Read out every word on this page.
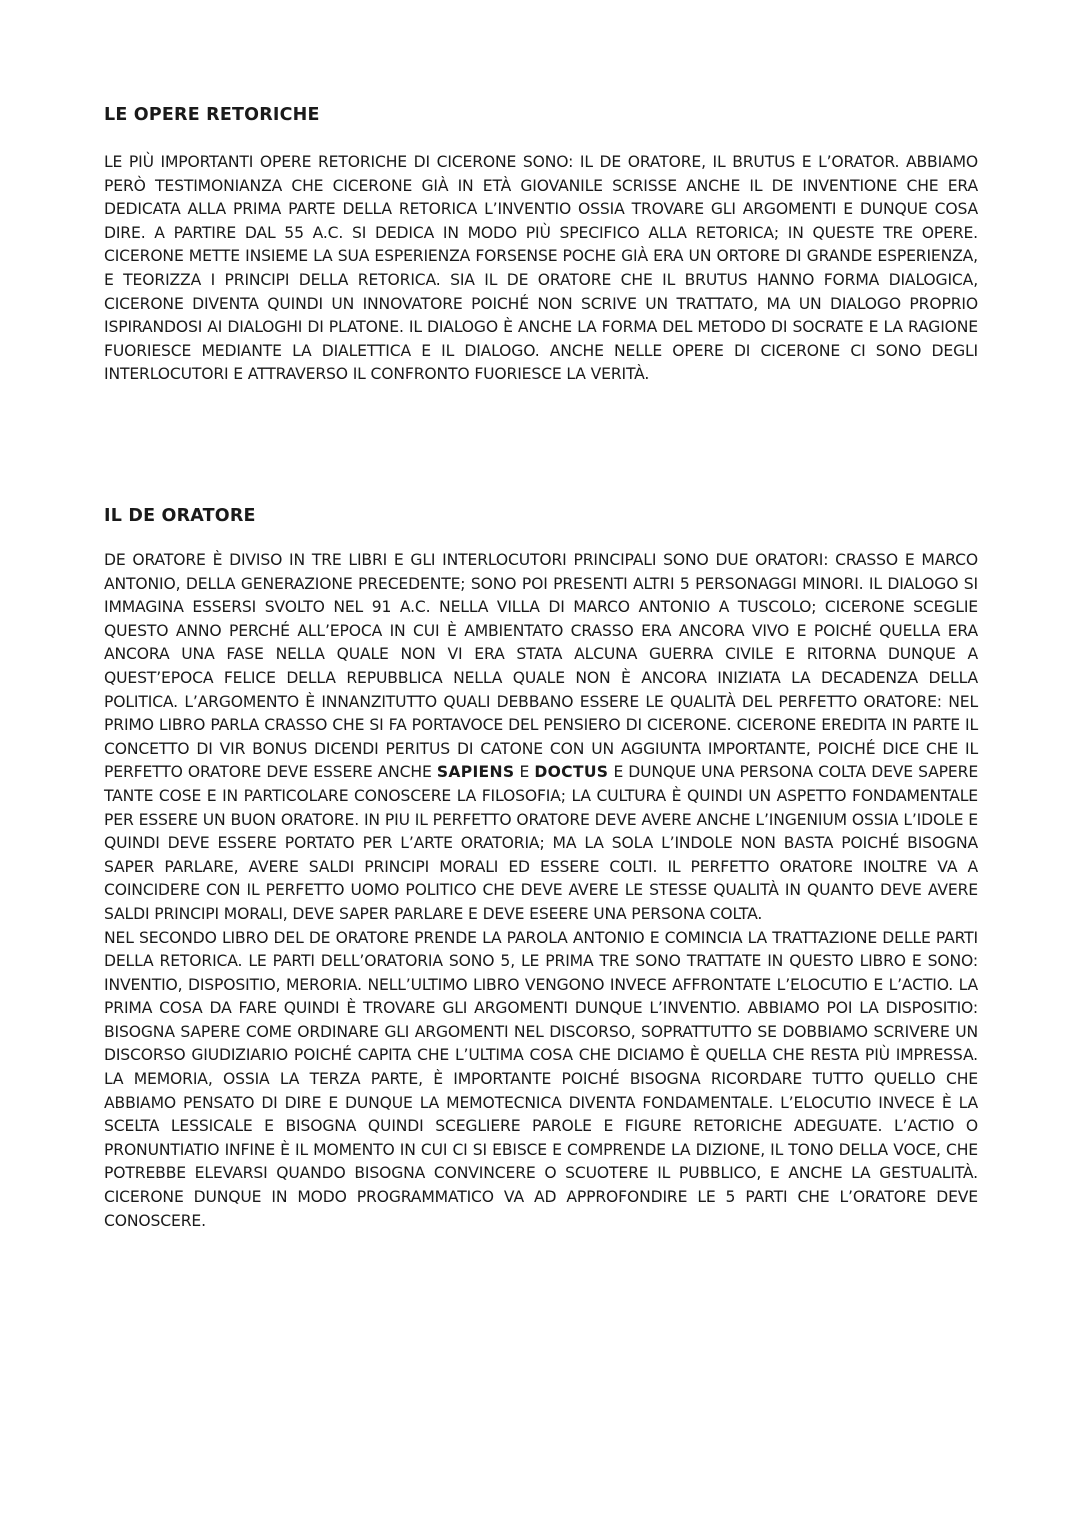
LE OPERE RETORICHE

LE PIÙ IMPORTANTI OPERE RETORICHE DI CICERONE SONO: IL DE ORATORE, IL BRUTUS E L’ORATOR. ABBIAMO PERÒ TESTIMONIANZA CHE CICERONE GIÀ IN ETÀ GIOVANILE SCRISSE ANCHE IL DE INVENTIONE CHE ERA DEDICATA ALLA PRIMA PARTE DELLA RETORICA L’INVENTIO OSSIA TROVARE GLI ARGOMENTI E DUNQUE COSA DIRE. A PARTIRE DAL 55 A.C. SI DEDICA IN MODO PIÙ SPECIFICO ALLA RETORICA; IN QUESTE TRE OPERE. CICERONE METTE INSIEME LA SUA ESPERIENZA FORSENSE POCHE GIÀ ERA UN ORTORE DI GRANDE ESPERIENZA, E TEORIZZA I PRINCIPI DELLA RETORICA. SIA IL DE ORATORE CHE IL BRUTUS HANNO FORMA DIALOGICA, CICERONE DIVENTA QUINDI UN INNOVATORE POICHÉ NON SCRIVE UN TRATTATO, MA UN DIALOGO PROPRIO ISPIRANDOSI AI DIALOGHI DI PLATONE. IL DIALOGO È ANCHE LA FORMA DEL METODO DI SOCRATE E LA RAGIONE FUORIESCE MEDIANTE LA DIALETTICA E IL DIALOGO. ANCHE NELLE OPERE DI CICERONE CI SONO DEGLI INTERLOCUTORI E ATTRAVERSO IL CONFRONTO FUORIESCE LA VERITÀ.

IL DE ORATORE

DE ORATORE È DIVISO IN TRE LIBRI E GLI INTERLOCUTORI PRINCIPALI SONO DUE ORATORI: CRASSO E MARCO ANTONIO, DELLA GENERAZIONE PRECEDENTE; SONO POI PRESENTI ALTRI 5 PERSONAGGI MINORI. IL DIALOGO SI IMMAGINA ESSERSI SVOLTO NEL 91 A.C. NELLA VILLA DI MARCO ANTONIO A TUSCOLO; CICERONE SCEGLIE QUESTO ANNO PERCHÉ ALL’EPOCA IN CUI È AMBIENTATO CRASSO ERA ANCORA VIVO E POICHÉ QUELLA ERA ANCORA UNA FASE NELLA QUALE NON VI ERA STATA ALCUNA GUERRA CIVILE E RITORNA DUNQUE A QUEST’EPOCA FELICE DELLA REPUBBLICA NELLA QUALE NON È ANCORA INIZIATA LA DECADENZA DELLA POLITICA. L’ARGOMENTO È INNANZITUTTO QUALI DEBBANO ESSERE LE QUALITÀ DEL PERFETTO ORATORE: NEL PRIMO LIBRO PARLA CRASSO CHE SI FA PORTAVOCE DEL PENSIERO DI CICERONE. CICERONE EREDITA IN PARTE IL CONCETTO DI VIR BONUS DICENDI PERITUS DI CATONE CON UN AGGIUNTA IMPORTANTE, POICHÉ DICE CHE IL PERFETTO ORATORE DEVE ESSERE ANCHE SAPIENS E DOCTUS E DUNQUE UNA PERSONA COLTA DEVE SAPERE TANTE COSE E IN PARTICOLARE CONOSCERE LA FILOSOFIA; LA CULTURA È QUINDI UN ASPETTO FONDAMENTALE PER ESSERE UN BUON ORATORE. IN PIU IL PERFETTO ORATORE DEVE AVERE ANCHE L’INGENIUM OSSIA L’IDOLE E QUINDI DEVE ESSERE PORTATO PER L’ARTE ORATORIA; MA LA SOLA L’INDOLE NON BASTA POICHÉ BISOGNA SAPER PARLARE, AVERE SALDI PRINCIPI MORALI ED ESSERE COLTI. IL PERFETTO ORATORE INOLTRE VA A COINCIDERE CON IL PERFETTO UOMO POLITICO CHE DEVE AVERE LE STESSE QUALITÀ IN QUANTO DEVE AVERE SALDI PRINCIPI MORALI, DEVE SAPER PARLARE E DEVE ESEERE UNA PERSONA COLTA.

NEL SECONDO LIBRO DEL DE ORATORE PRENDE LA PAROLA ANTONIO E COMINCIA LA TRATTAZIONE DELLE PARTI DELLA RETORICA. LE PARTI DELL’ORATORIA SONO 5, LE PRIMA TRE SONO TRATTATE IN QUESTO LIBRO E SONO: INVENTIO, DISPOSITIO, MERORIA. NELL’ULTIMO LIBRO VENGONO INVECE AFFRONTATE L’ELOCUTIO E L’ACTIO. LA PRIMA COSA DA FARE QUINDI È TROVARE GLI ARGOMENTI DUNQUE L’INVENTIO. ABBIAMO POI LA DISPOSITIO: BISOGNA SAPERE COME ORDINARE GLI ARGOMENTI NEL DISCORSO, SOPRATTUTTO SE DOBBIAMO SCRIVERE UN DISCORSO GIUDIZIARIO POICHÉ CAPITA CHE L’ULTIMA COSA CHE DICIAMO È QUELLA CHE RESTA PIÙ IMPRESSA. LA MEMORIA, OSSIA LA TERZA PARTE, È IMPORTANTE POICHÉ BISOGNA RICORDARE TUTTO QUELLO CHE ABBIAMO PENSATO DI DIRE E DUNQUE LA MEMOTECNICA DIVENTA FONDAMENTALE. L’ELOCUTIO INVECE È LA SCELTA LESSICALE E BISOGNA QUINDI SCEGLIERE PAROLE E FIGURE RETORICHE ADEGUATE. L’ACTIO O PRONUNTIATIO INFINE È IL MOMENTO IN CUI CI SI EBISCE E COMPRENDE LA DIZIONE, IL TONO DELLA VOCE, CHE POTREBBE ELEVARSI QUANDO BISOGNA CONVINCERE O SCUOTERE IL PUBBLICO, E ANCHE LA GESTUALITÀ. CICERONE DUNQUE IN MODO PROGRAMMATICO VA AD APPROFONDIRE LE 5 PARTI CHE L’ORATORE DEVE CONOSCERE.
